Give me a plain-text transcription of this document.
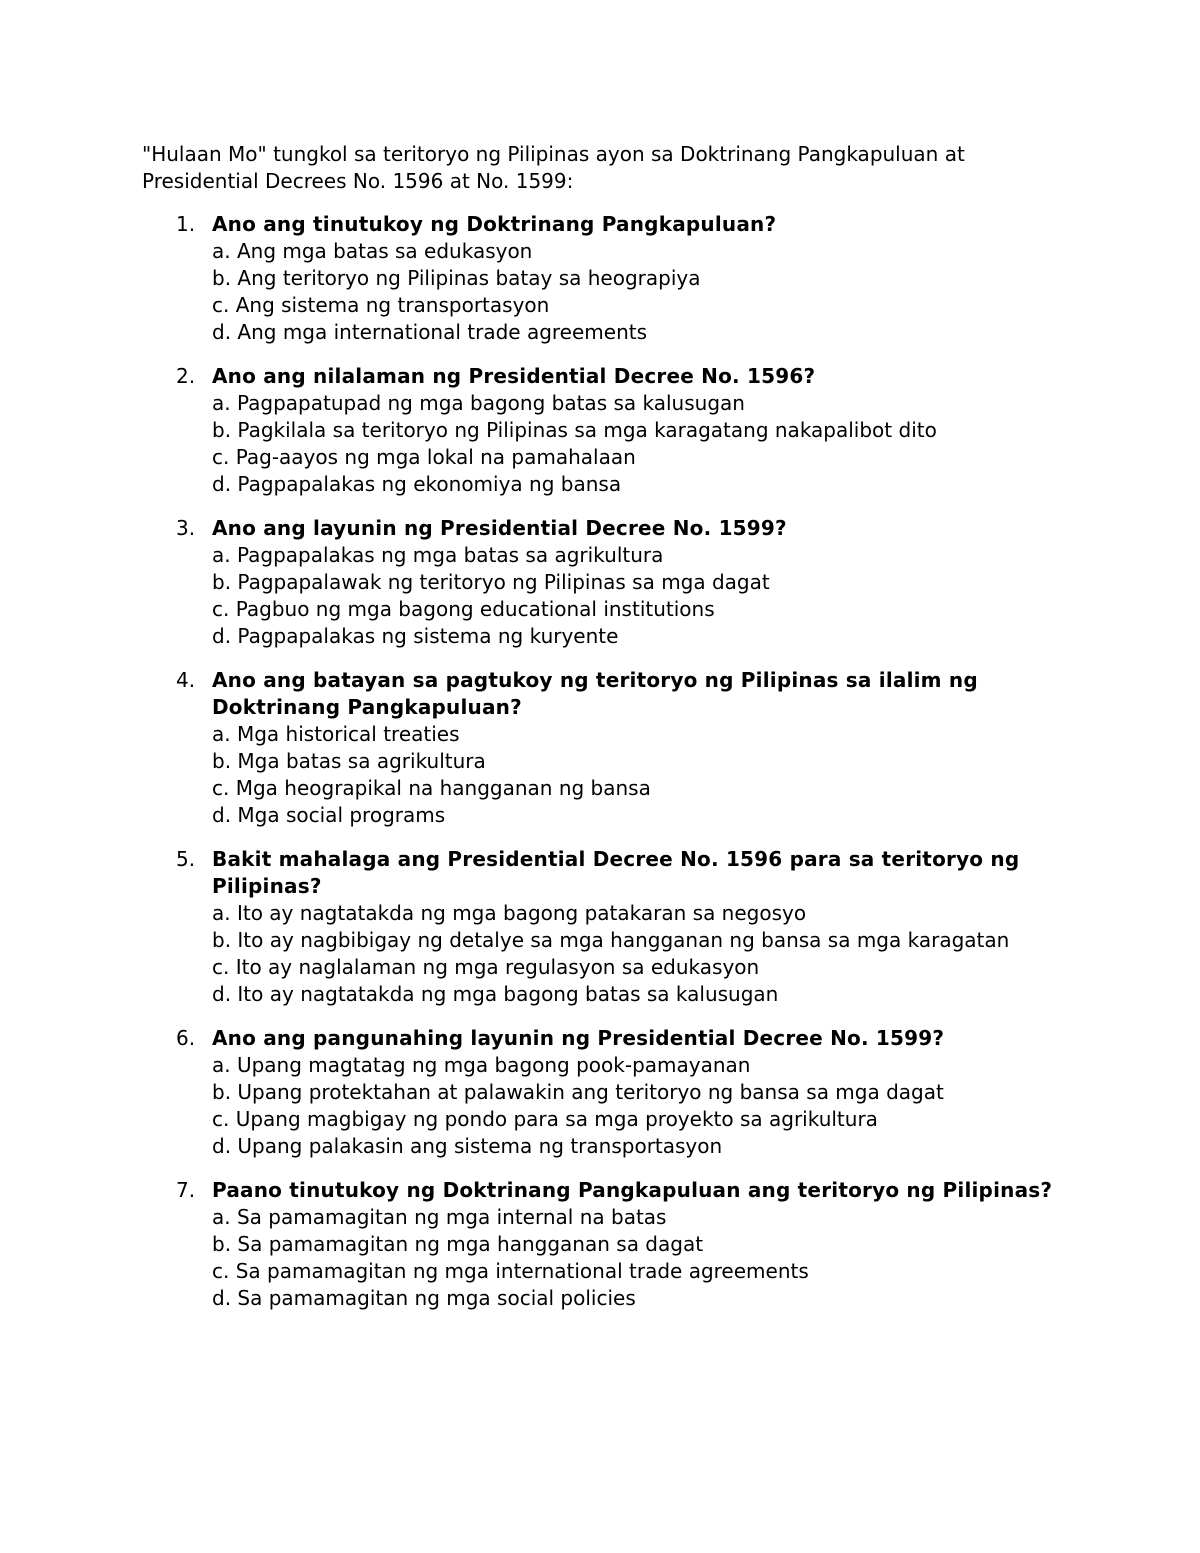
"Hulaan Mo" tungkol sa teritoryo ng Pilipinas ayon sa Doktrinang Pangkapuluan at Presidential Decrees No. 1596 at No. 1599:
1. Ano ang tinutukoy ng Doktrinang Pangkapuluan?
a. Ang mga batas sa edukasyon
b. Ang teritoryo ng Pilipinas batay sa heograpiya
c. Ang sistema ng transportasyon
d. Ang mga international trade agreements
2. Ano ang nilalaman ng Presidential Decree No. 1596?
a. Pagpapatupad ng mga bagong batas sa kalusugan
b. Pagkilala sa teritoryo ng Pilipinas sa mga karagatang nakapalibot dito
c. Pag-aayos ng mga lokal na pamahalaan
d. Pagpapalakas ng ekonomiya ng bansa
3. Ano ang layunin ng Presidential Decree No. 1599?
a. Pagpapalakas ng mga batas sa agrikultura
b. Pagpapalawak ng teritoryo ng Pilipinas sa mga dagat
c. Pagbuo ng mga bagong educational institutions
d. Pagpapalakas ng sistema ng kuryente
4. Ano ang batayan sa pagtukoy ng teritoryo ng Pilipinas sa ilalim ng Doktrinang Pangkapuluan?
a. Mga historical treaties
b. Mga batas sa agrikultura
c. Mga heograpikal na hangganan ng bansa
d. Mga social programs
5. Bakit mahalaga ang Presidential Decree No. 1596 para sa teritoryo ng Pilipinas?
a. Ito ay nagtatakda ng mga bagong patakaran sa negosyo
b. Ito ay nagbibigay ng detalye sa mga hangganan ng bansa sa mga karagatan
c. Ito ay naglalaman ng mga regulasyon sa edukasyon
d. Ito ay nagtatakda ng mga bagong batas sa kalusugan
6. Ano ang pangunahing layunin ng Presidential Decree No. 1599?
a. Upang magtatag ng mga bagong pook-pamayanan
b. Upang protektahan at palawakin ang teritoryo ng bansa sa mga dagat
c. Upang magbigay ng pondo para sa mga proyekto sa agrikultura
d. Upang palakasin ang sistema ng transportasyon
7. Paano tinutukoy ng Doktrinang Pangkapuluan ang teritoryo ng Pilipinas?
a. Sa pamamagitan ng mga internal na batas
b. Sa pamamagitan ng mga hangganan sa dagat
c. Sa pamamagitan ng mga international trade agreements
d. Sa pamamagitan ng mga social policies
